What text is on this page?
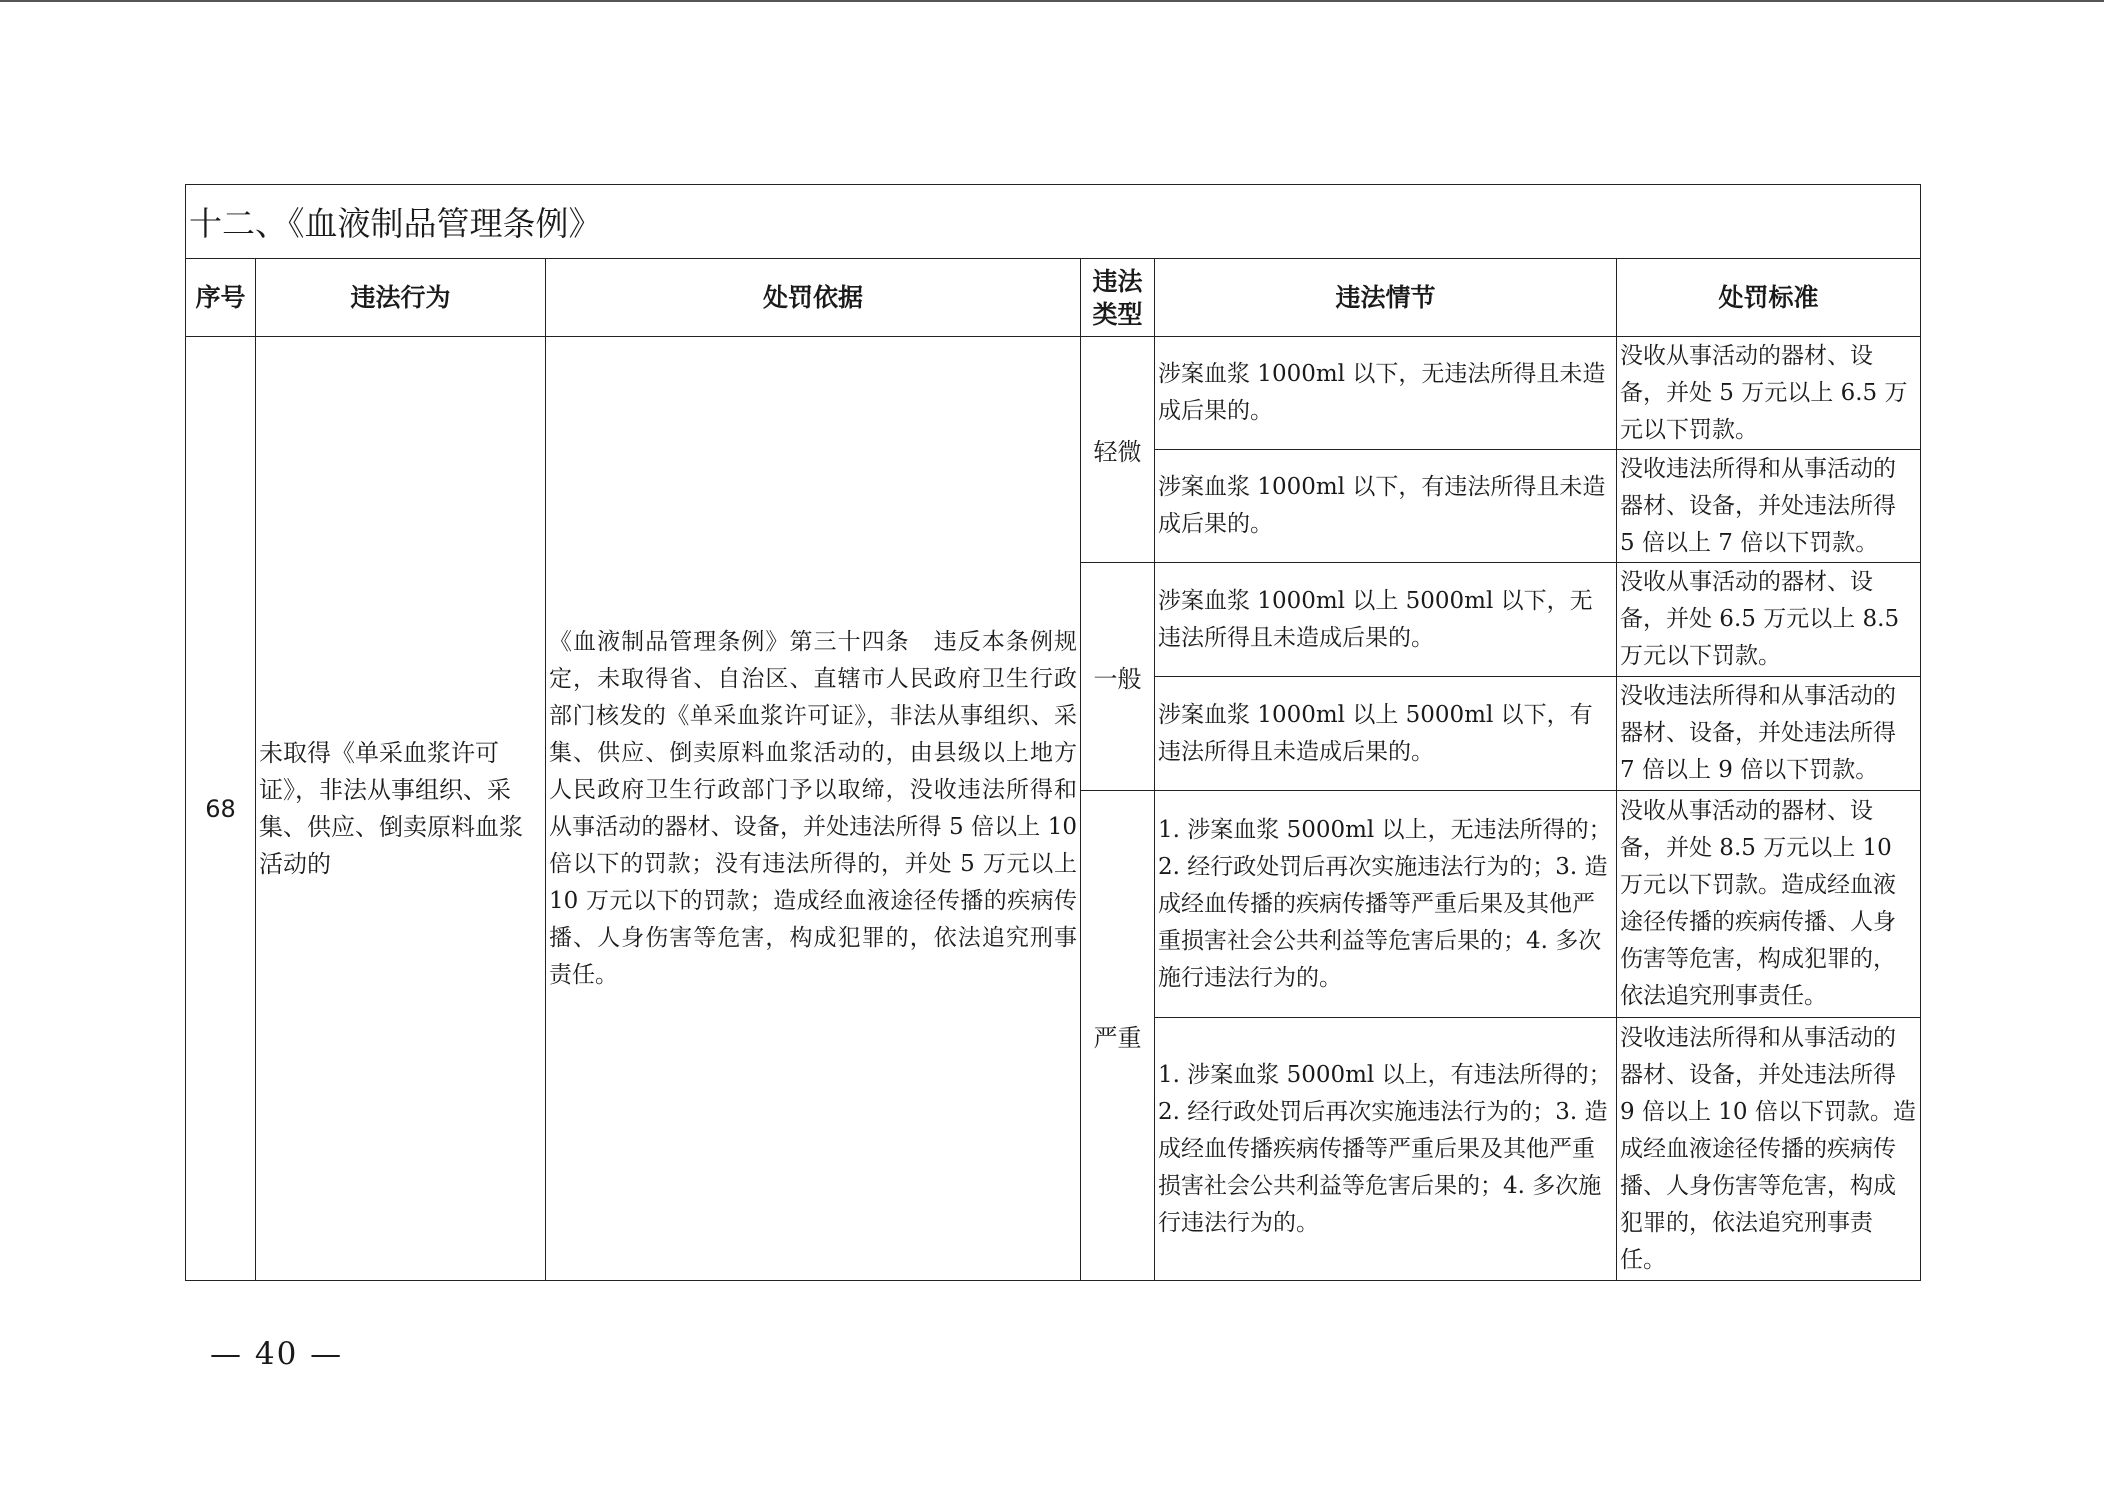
十二、《血液制品管理条例》					
序号	违法行为	处罚依据	违法类型	违法情节	处罚标准
68	未取得《单采血浆许可证》，非法从事组织、采集、供应、倒卖原料血浆活动的	《血液制品管理条例》第三十四条　违反本条例规定，未取得省、自治区、直辖市人民政府卫生行政部门核发的《单采血浆许可证》，非法从事组织、采集、供应、倒卖原料血浆活动的，由县级以上地方人民政府卫生行政部门予以取缔，没收违法所得和从事活动的器材、设备，并处违法所得 5 倍以上 10 倍以下的罚款；没有违法所得的，并处 5 万元以上 10 万元以下的罚款；造成经血液途径传播的疾病传播、人身伤害等危害，构成犯罪的，依法追究刑事责任。	轻微	涉案血浆 1000ml 以下，无违法所得且未造成后果的。	没收从事活动的器材、设备，并处 5 万元以上 6.5 万元以下罚款。
				涉案血浆 1000ml 以下，有违法所得且未造成后果的。	没收违法所得和从事活动的器材、设备，并处违法所得 5 倍以上 7 倍以下罚款。
			一般	涉案血浆 1000ml 以上 5000ml 以下，无违法所得且未造成后果的。	没收从事活动的器材、设备，并处 6.5 万元以上 8.5 万元以下罚款。
				涉案血浆 1000ml 以上 5000ml 以下，有违法所得且未造成后果的。	没收违法所得和从事活动的器材、设备，并处违法所得 7 倍以上 9 倍以下罚款。
			严重	1. 涉案血浆 5000ml 以上，无违法所得的；2. 经行政处罚后再次实施违法行为的；3. 造成经血传播的疾病传播等严重后果及其他严重损害社会公共利益等危害后果的；4. 多次施行违法行为的。	没收从事活动的器材、设备，并处 8.5 万元以上 10 万元以下罚款。造成经血液途径传播的疾病传播、人身伤害等危害，构成犯罪的，依法追究刑事责任。
				1. 涉案血浆 5000ml 以上，有违法所得的；2. 经行政处罚后再次实施违法行为的；3. 造成经血传播疾病传播等严重后果及其他严重损害社会公共利益等危害后果的；4. 多次施行违法行为的。	没收违法所得和从事活动的器材、设备，并处违法所得 9 倍以上 10 倍以下罚款。造成经血液途径传播的疾病传播、人身伤害等危害，构成犯罪的，依法追究刑事责任。
— 40 —
